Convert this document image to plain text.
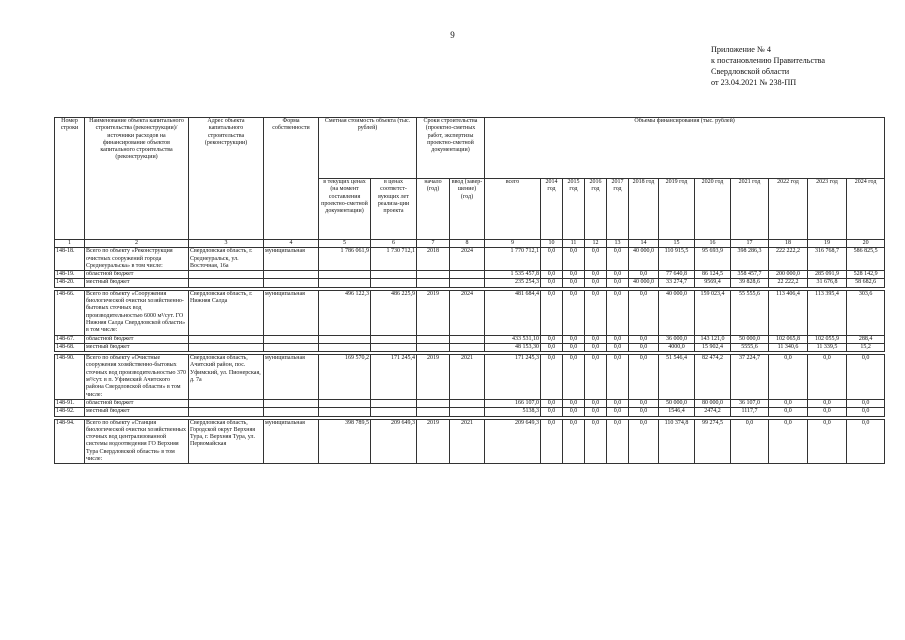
9
Приложение № 4
к постановлению Правительства
Свердловской области
от 23.04.2021 № 238-ПП
Номер строки	Наименование объекта капитального строительства (реконструкции)/источники расходов на финансирование объектов капитального строительства (реконструкции)	Адрес объекта капитального строительства (реконструкции)	Форма собственности	Сметная стоимость объекта (тыс. рублей)		Сроки строительства (проектно-сметных работ, экспертизы проектно-сметной документации)		Объемы финансирования (тыс. рублей)											
				в текущих ценах (на момент составления проектно-сметной документации)	в ценах соответст-вующих лет реализа-ции проекта	начало (год)	ввод (завер-шение) (год)	всего	2014 год	2015 год	2016 год	2017 год	2018 год	2019 год	2020 год	2021 год	2022 год	2023 год	2024 год
1	2	3	4	5	6	7	8	9	10	11	12	13	14	15	16	17	18	19	20
148-18.	Всего по объекту «Реконструкция очистных сооружений города Среднеуральска» в том числе:	Свердловская область, г. Среднеуральск, ул. Восточная, 16а	муниципальная	1 786 061,9	1 730 712,1	2018	2024	1 770 712,1	0,0	0,0	0,0	0,0	40 000,0	110 915,5	95 693,9	398 286,3	222 222,2	316 768,7	586 825,5
148-19.	областной бюджет							1 535 457,8	0,0	0,0	0,0	0,0	0,0	77 640,8	86 124,5	358 457,7	200 000,0	285 091,9	528 142,9
148-20.	местный бюджет							235 254,3	0,0	0,0	0,0	0,0	40 000,0	33 274,7	9569,4	39 828,6	22 222,2	31 676,8	58 682,6

148-66.	Всего по объекту «Сооружения биологической очистки хозяйственно-бытовых сточных вод производительностью 6000 м³/сут. ГО Нижняя Салда Свердловской области» в том числе:	Свердловская область, г. Нижняя Салда	муниципальная	496 122,3	486 225,9	2019	2024	481 684,4	0,0	0,0	0,0	0,0	0,0	40 000,0	159 023,4	55 555,6	113 406,4	113 395,4	303,6
148-67.	областной бюджет							433 531,10	0,0	0,0	0,0	0,0	0,0	36 000,0	143 121,0	50 000,0	102 065,8	102 055,9	288,4
148-68.	местный бюджет							48 153,30	0,0	0,0	0,0	0,0	0,0	4000,0	15 902,4	5555,6	11 340,6	11 339,5	15,2

148-90.	Всего по объекту «Очистные сооружения хозяйственно-бытовых сточных вод производительностью 370 м³/сут. в п. Уфимский Ачитского района Свердловской области» в том числе:	Свердловская область, Ачитский район, пос. Уфимский, ул. Пионерская, д. 7а	муниципальная	169 570,2	171 245,4	2019	2021	171 245,3	0,0	0,0	0,0	0,0	0,0	51 546,4	82 474,2	37 224,7	0,0	0,0	0,0
148-91.	областной бюджет							166 107,0	0,0	0,0	0,0	0,0	0,0	50 000,0	80 000,0	36 107,0	0,0	0,0	0,0
148-92.	местный бюджет							5138,3	0,0	0,0	0,0	0,0	0,0	1546,4	2474,2	1117,7	0,0	0,0	0,0

148-94.	Всего по объекту «Станция биологической очистки хозяйственных сточных вод централизованной системы водоотведения ГО Верхняя Тура Свердловской области» в том числе:	Свердловская область, Городской округ Верхняя Тура, г. Верхняя Тура, ул. Первомайская	муниципальная	398 789,5	209 649,3	2019	2021	209 649,3	0,0	0,0	0,0	0,0	0,0	110 374,8	99 274,5	0,0	0,0	0,0	0,0
